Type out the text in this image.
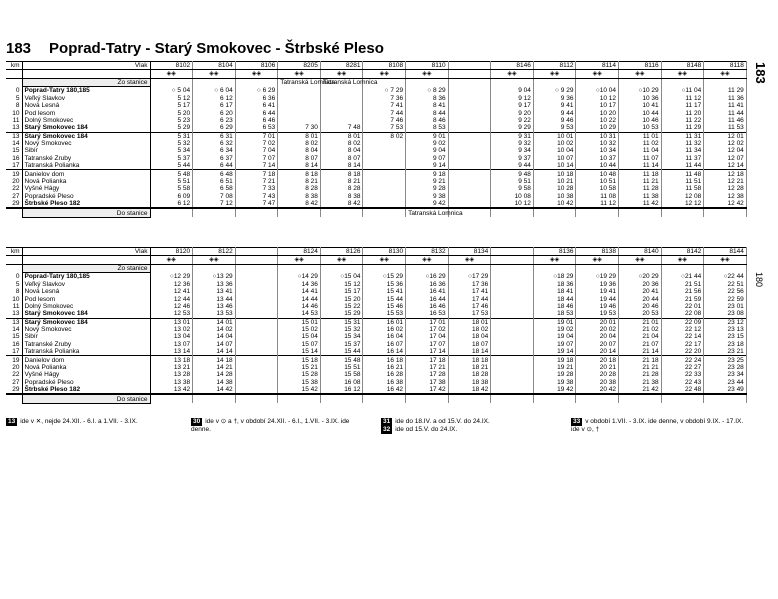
183 Poprad-Tatry - Starý Smokovec - Štrbské Pleso
183
180
km	Vlak	8102	8104	8106	8205	8281	8108	8110		8146	8112	8114	8116	8148	8118
		◈◈	◈◈	◈◈	◈◈	◈◈	◈◈	◈◈		◈◈	◈◈	◈◈	◈◈	◈◈	◈◈
	Zo stanice				Tatranská Lomnica	Tatranská Lomnica									
0	Poprad-Tatry 180,185	○ 5 04	○ 6 04	○ 6 29			○ 7 29	○ 8 29		9 04	○ 9 29	○10 04	○10 29	○11 04	11 29
5	Veľký Slavkov	5 12	6 12	6 36			7 36	8 36		9 12	9 36	10 12	10 36	11 12	11 36
8	Nová Lesná	5 17	6 17	6 41			7 41	8 41		9 17	9 41	10 17	10 41	11 17	11 41
10	Pod lesom	5 20	6 20	6 44			7 44	8 44		9 20	9 44	10 20	10 44	11 20	11 44
11	Dolný Smokovec	5 23	6 23	6 46			7 46	8 46		9 22	9 46	10 22	10 46	11 22	11 46
13	Starý Smokovec 184	5 29	6 29	6 53	7 30	7 48	7 53	8 53		9 29	9 53	10 29	10 53	11 29	11 53
13	Starý Smokovec 184	5 31	6 31	7 01	8 01	8 01	8 02	9 01		9 31	10 01	10 31	11 01	11 31	12 01
14	Nový Smokovec	5 32	6 32	7 02	8 02	8 02		9 02		9 32	10 02	10 32	11 02	11 32	12 02
15	Sibír	5 34	6 34	7 04	8 04	8 04		9 04		9 34	10 04	10 34	11 04	11 34	12 04
16	Tatranské Zruby	5 37	6 37	7 07	8 07	8 07		9 07		9 37	10 07	10 37	11 07	11 37	12 07
17	Tatranská Polianka	5 44	6 44	7 14	8 14	8 14		9 14		9 44	10 14	10 44	11 14	11 44	12 14
19	Danielov dom	5 48	6 48	7 18	8 18	8 18		9 18		9 48	10 18	10 48	11 18	11 48	12 18
20	Nová Polianka	5 51	6 51	7 21	8 21	8 21		9 21		9 51	10 21	10 51	11 21	11 51	12 21
22	Vyšné Hágy	5 58	6 58	7 33	8 28	8 28		9 28		9 58	10 28	10 58	11 28	11 58	12 28
27	Popradské Pleso	6 09	7 08	7 43	8 38	8 38		9 38		10 08	10 38	11 08	11 38	12 08	12 38
29	Štrbské Pleso 182	6 12	7 12	7 47	8 42	8 42		9 42		10 12	10 42	11 12	11 42	12 12	12 42
	Do stanice							Tatranská Lomnica							
km	Vlak	8120	8122		8124	8126	8130	8132	8134		8136	8138	8140	8142	8144
		◈◈	◈◈		◈◈	◈◈	◈◈	◈◈	◈◈		◈◈	◈◈	◈◈	◈◈	◈◈
	Zo stanice														
0	Poprad-Tatry 180,185	○12 29	○13 29		○14 29	○15 04	○15 29	○16 29	○17 29		○18 29	○19 29	○20 29	○21 44	○22 44
5	Veľký Slavkov	12 36	13 36		14 36	15 12	15 36	16 36	17 36		18 36	19 36	20 36	21 51	22 51
8	Nová Lesná	12 41	13 41		14 41	15 17	15 41	16 41	17 41		18 41	19 41	20 41	21 56	22 56
10	Pod lesom	12 44	13 44		14 44	15 20	15 44	16 44	17 44		18 44	19 44	20 44	21 59	22 59
11	Dolný Smokovec	12 46	13 46		14 46	15 22	15 46	16 46	17 46		18 46	19 46	20 46	22 01	23 01
13	Starý Smokovec 184	12 53	13 53		14 53	15 29	15 53	16 53	17 53		18 53	19 53	20 53	22 08	23 08
13	Starý Smokovec 184	13 01	14 01		15 01	15 31	16 01	17 01	18 01		19 01	20 01	21 01	22 09	23 12
14	Nový Smokovec	13 02	14 02		15 02	15 32	16 02	17 02	18 02		19 02	20 02	21 02	22 12	23 13
15	Sibír	13 04	14 04		15 04	15 34	16 04	17 04	18 04		19 04	20 04	21 04	22 14	23 15
16	Tatranské Zruby	13 07	14 07		15 07	15 37	16 07	17 07	18 07		19 07	20 07	21 07	22 17	23 18
17	Tatranská Polianka	13 14	14 14		15 14	15 44	16 14	17 14	18 14		19 14	20 14	21 14	22 20	23 21
19	Danielov dom	13 18	14 18		15 18	15 48	16 18	17 18	18 18		19 18	20 18	21 18	22 24	23 25
20	Nová Polianka	13 21	14 21		15 21	15 51	16 21	17 21	18 21		19 21	20 21	21 21	22 27	23 28
22	Vyšné Hágy	13 28	14 28		15 28	15 58	16 28	17 28	18 28		19 28	20 28	21 28	22 33	23 34
27	Popradské Pleso	13 38	14 38		15 38	16 08	16 38	17 38	18 38		19 38	20 38	21 38	22 43	23 44
29	Štrbské Pleso 182	13 42	14 42		15 42	16 12	16 42	17 42	18 42		19 42	20 42	21 42	22 48	23 49
	Do stanice														
13 ide v ✕, nejde 24.XII. - 6.I. a 1.VII. - 3.IX.	30 ide v ⊙ a †, v období 24.XII. - 6.I., 1.VII. - 3.IX. ide denne.
31 ide do 18.IV. a od 15.V. do 24.IX.
32 ide od 15.V. do 24.IX.
33 v období 1.VII. - 3.IX. ide denne, v období 9.IX. - 17.IX. ide v ⊙, †
